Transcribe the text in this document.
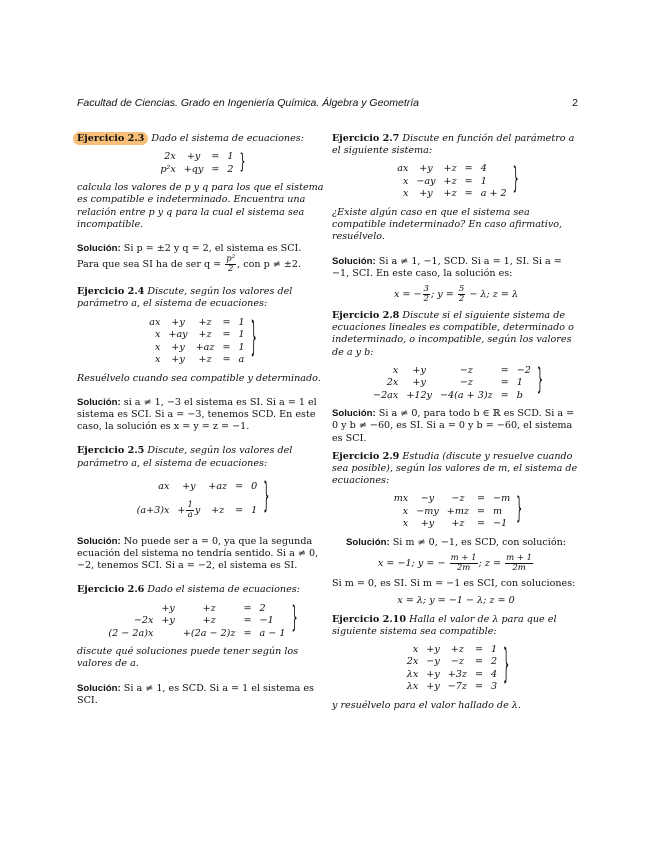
Facultad de Ciencias. Grado en Ingeniería Química. Álgebra y Geometría	2

Ejercicio 2.3 Dado el sistema de ecuaciones:

2x	+y	=	1
p²x	+qy	=	2 }

calcula los valores de p y q para los que el sistema es compatible e indeterminado. Encuentra una relación entre p y q para la cual el sistema sea incompatible.

Solución: Si p = ±2 y q = 2, el sistema es SCI. Para que sea SI ha de ser $q = \frac{\text{p²}}{2}$ , con p ≠ ±2.

Ejercicio 2.4 Discute, según los valores del parámetro a, el sistema de ecuaciones:

ax	+y	+z	=	1
x	+ay	+z	=	1
x	+y	+az	=	1
x	+y	+z	=	a }

Resuélvelo cuando sea compatible y determinado.

Solución: si a ≠ 1, −3 el sistema es SI. Si a = 1 el sistema es SCI. Si a = −3, tenemos SCD. En este caso, la solución es x = y = z = −1.

Ejercicio 2.5 Discute, según los valores del parámetro a, el sistema de ecuaciones:

ax	+y	+az	=	0
(a+3)x	+ $\frac{1}{a}$ y	+z	=	1 }

Solución: No puede ser a = 0, ya que la segunda ecuación del sistema no tendría sentido. Si a ≠ 0, −2, tenemos SCI. Si a = −2, el sistema es SI.

Ejercicio 2.6 Dado el sistema de ecuaciones:

	+y	+z	=	2
−2x	+y	+z	=	−1
(2 − 2a)x		+(2a − 2)z	=	a − 1 }

discute qué soluciones puede tener según los valores de a.

Solución: Si a ≠ 1, es SCD. Si a = 1 el sistema es SCI.

Ejercicio 2.7 Discute en función del parámetro a el siguiente sistema:

ax	+y	+z	=	4
x	−ay	+z	=	1
x	+y	+z	=	a + 2 }

¿Existe algún caso en que el sistema sea compatible indeterminado? En caso afirmativo, resuélvelo.

Solución: Si a ≠ 1, −1, SCD. Si a = 1, SI. Si a = −1, SCI. En este caso, la solución es:

x = − $\frac{3}{2}$ ; $y = \frac{5}{2} - \lambda$; z = λ

Ejercicio 2.8 Discute si el siguiente sistema de ecuaciones lineales es compatible, determinado o indeterminado, o incompatible, según los valores de a y b:

x	+y	−z	=	−2
2x	+y	−z	=	1
−2ax	+12y	−4(a + 3)z	=	b }

Solución: Si a ≠ 0, para todo b ∈ ℝ es SCD. Si a = 0 y b ≠ −60, es SI. Si a = 0 y b = −60, el sistema es SCI.

Ejercicio 2.9 Estudia (discute y resuelve cuando sea posible), según los valores de m, el sistema de ecuaciones:

mx	−y	−z	=	−m
x	−my	+mz	=	m
x	+y	+z	=	−1 }

Solución: Si m ≠ 0, −1, es SCD, con solución:

x = −1; y = − $\frac{m + 1}{2m}$ ; $z = \frac{m + 1}{2m}$

Si m = 0, es SI. Si m = −1 es SCI, con soluciones:

x = λ; y = −1 − λ; z = 0

Ejercicio 2.10 Halla el valor de λ para que el siguiente sistema sea compatible:

x	+y	+z	=	1
2x	−y	−z	=	2
λx	+y	+3z	=	4
λx	+y	−7z	=	3 }

y resuélvelo para el valor hallado de λ.
